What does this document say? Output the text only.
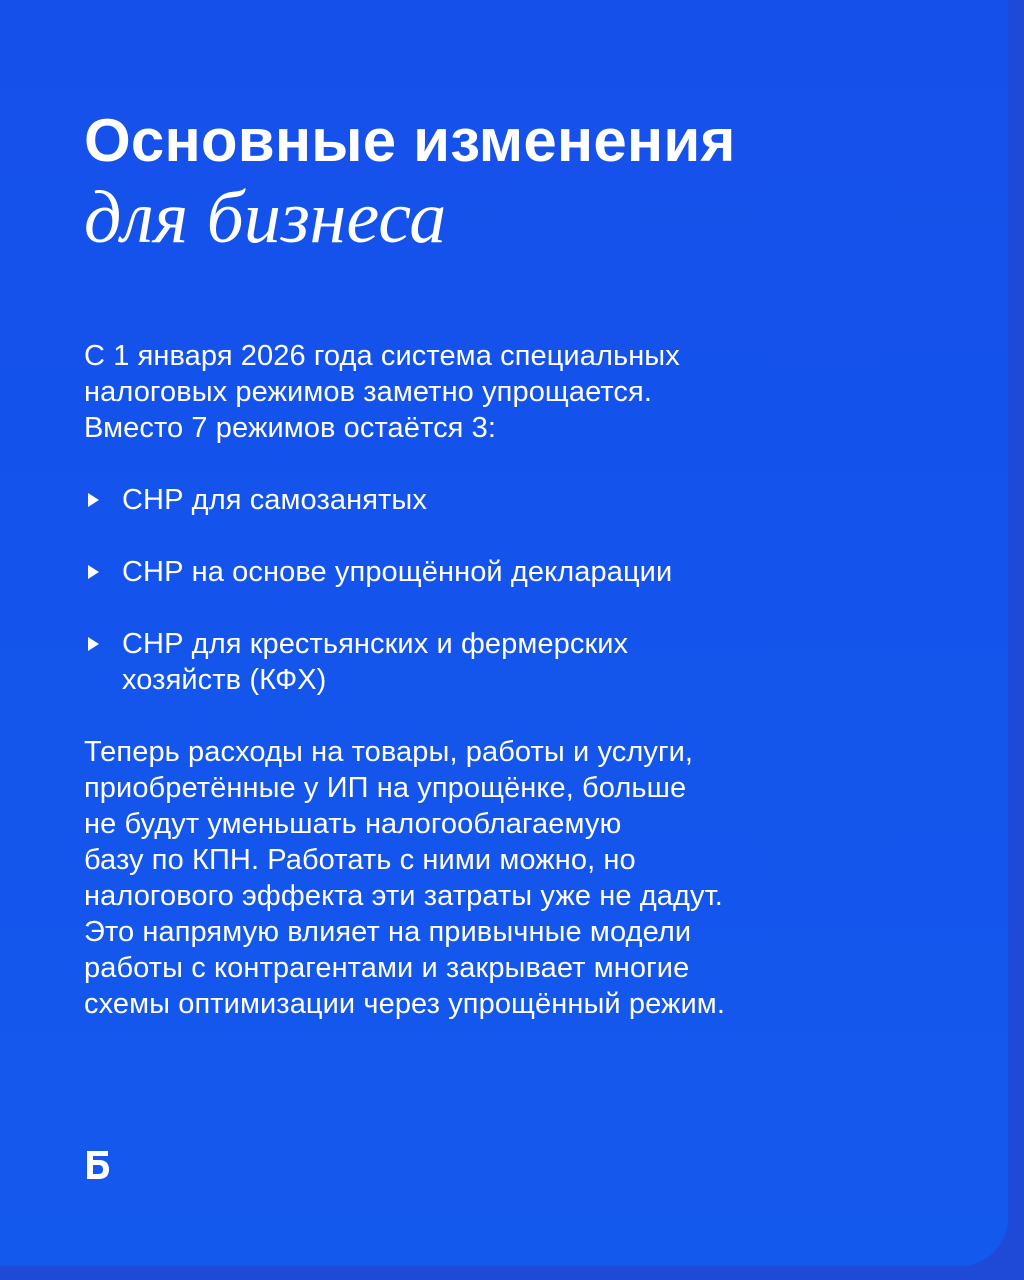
Основные изменения
для бизнеса

С 1 января 2026 года система специальных
налоговых режимов заметно упрощается.
Вместо 7 режимов остаётся 3:

СНР для самозанятых
СНР на основе упрощённой декларации
СНР для крестьянских и фермерских
хозяйств (КФХ)

Теперь расходы на товары, работы и услуги,
приобретённые у ИП на упрощёнке, больше
не будут уменьшать налогооблагаемую
базу по КПН. Работать с ними можно, но
налогового эффекта эти затраты уже не дадут.
Это напрямую влияет на привычные модели
работы с контрагентами и закрывает многие
схемы оптимизации через упрощённый режим.
